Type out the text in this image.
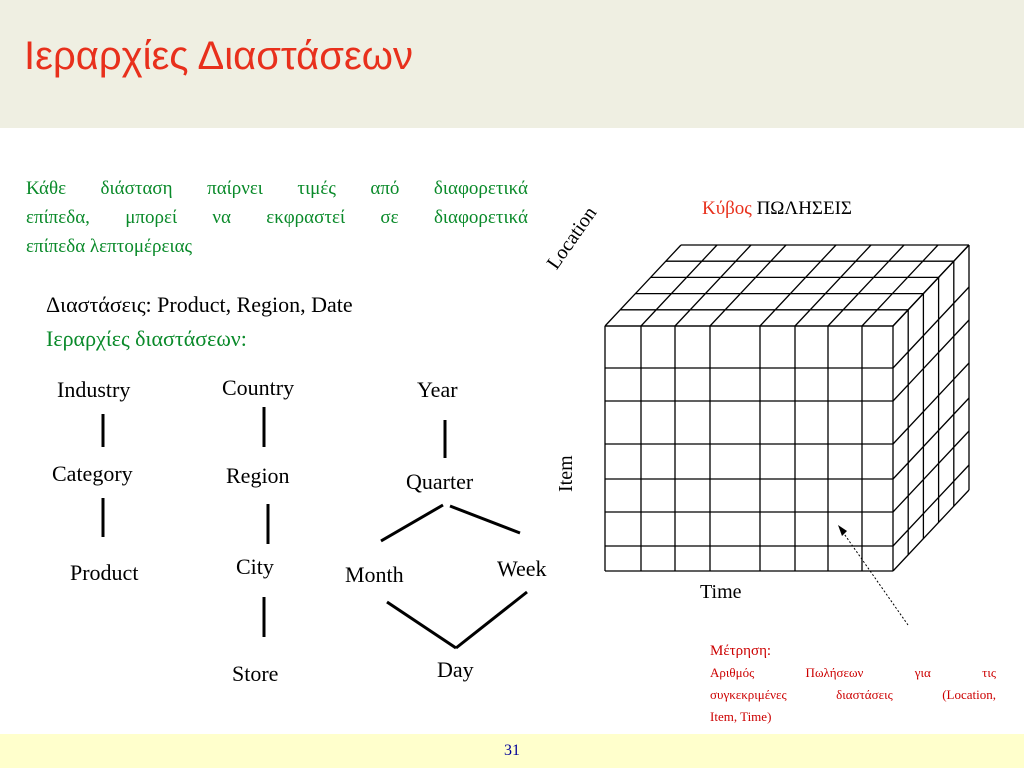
Ιεραρχίες Διαστάσεων
Κάθε διάσταση παίρνει τιμές από διαφορετικά
επίπεδα, μπορεί να εκφραστεί σε διαφορετικά
επίπεδα λεπτομέρειας
Διαστάσεις: Product, Region, Date
Ιεραρχίες διαστάσεων:
Industry
Category
Product
Country
Region
City
Store
Year
Quarter
Month	Week
Day
Κύβος ΠΩΛΗΣΕΙΣ
Location
Item
Time
Μέτρηση:
Αριθμός Πωλήσεων για τις
συγκεκριμένες διαστάσεις (Location,
Item, Time)
31
